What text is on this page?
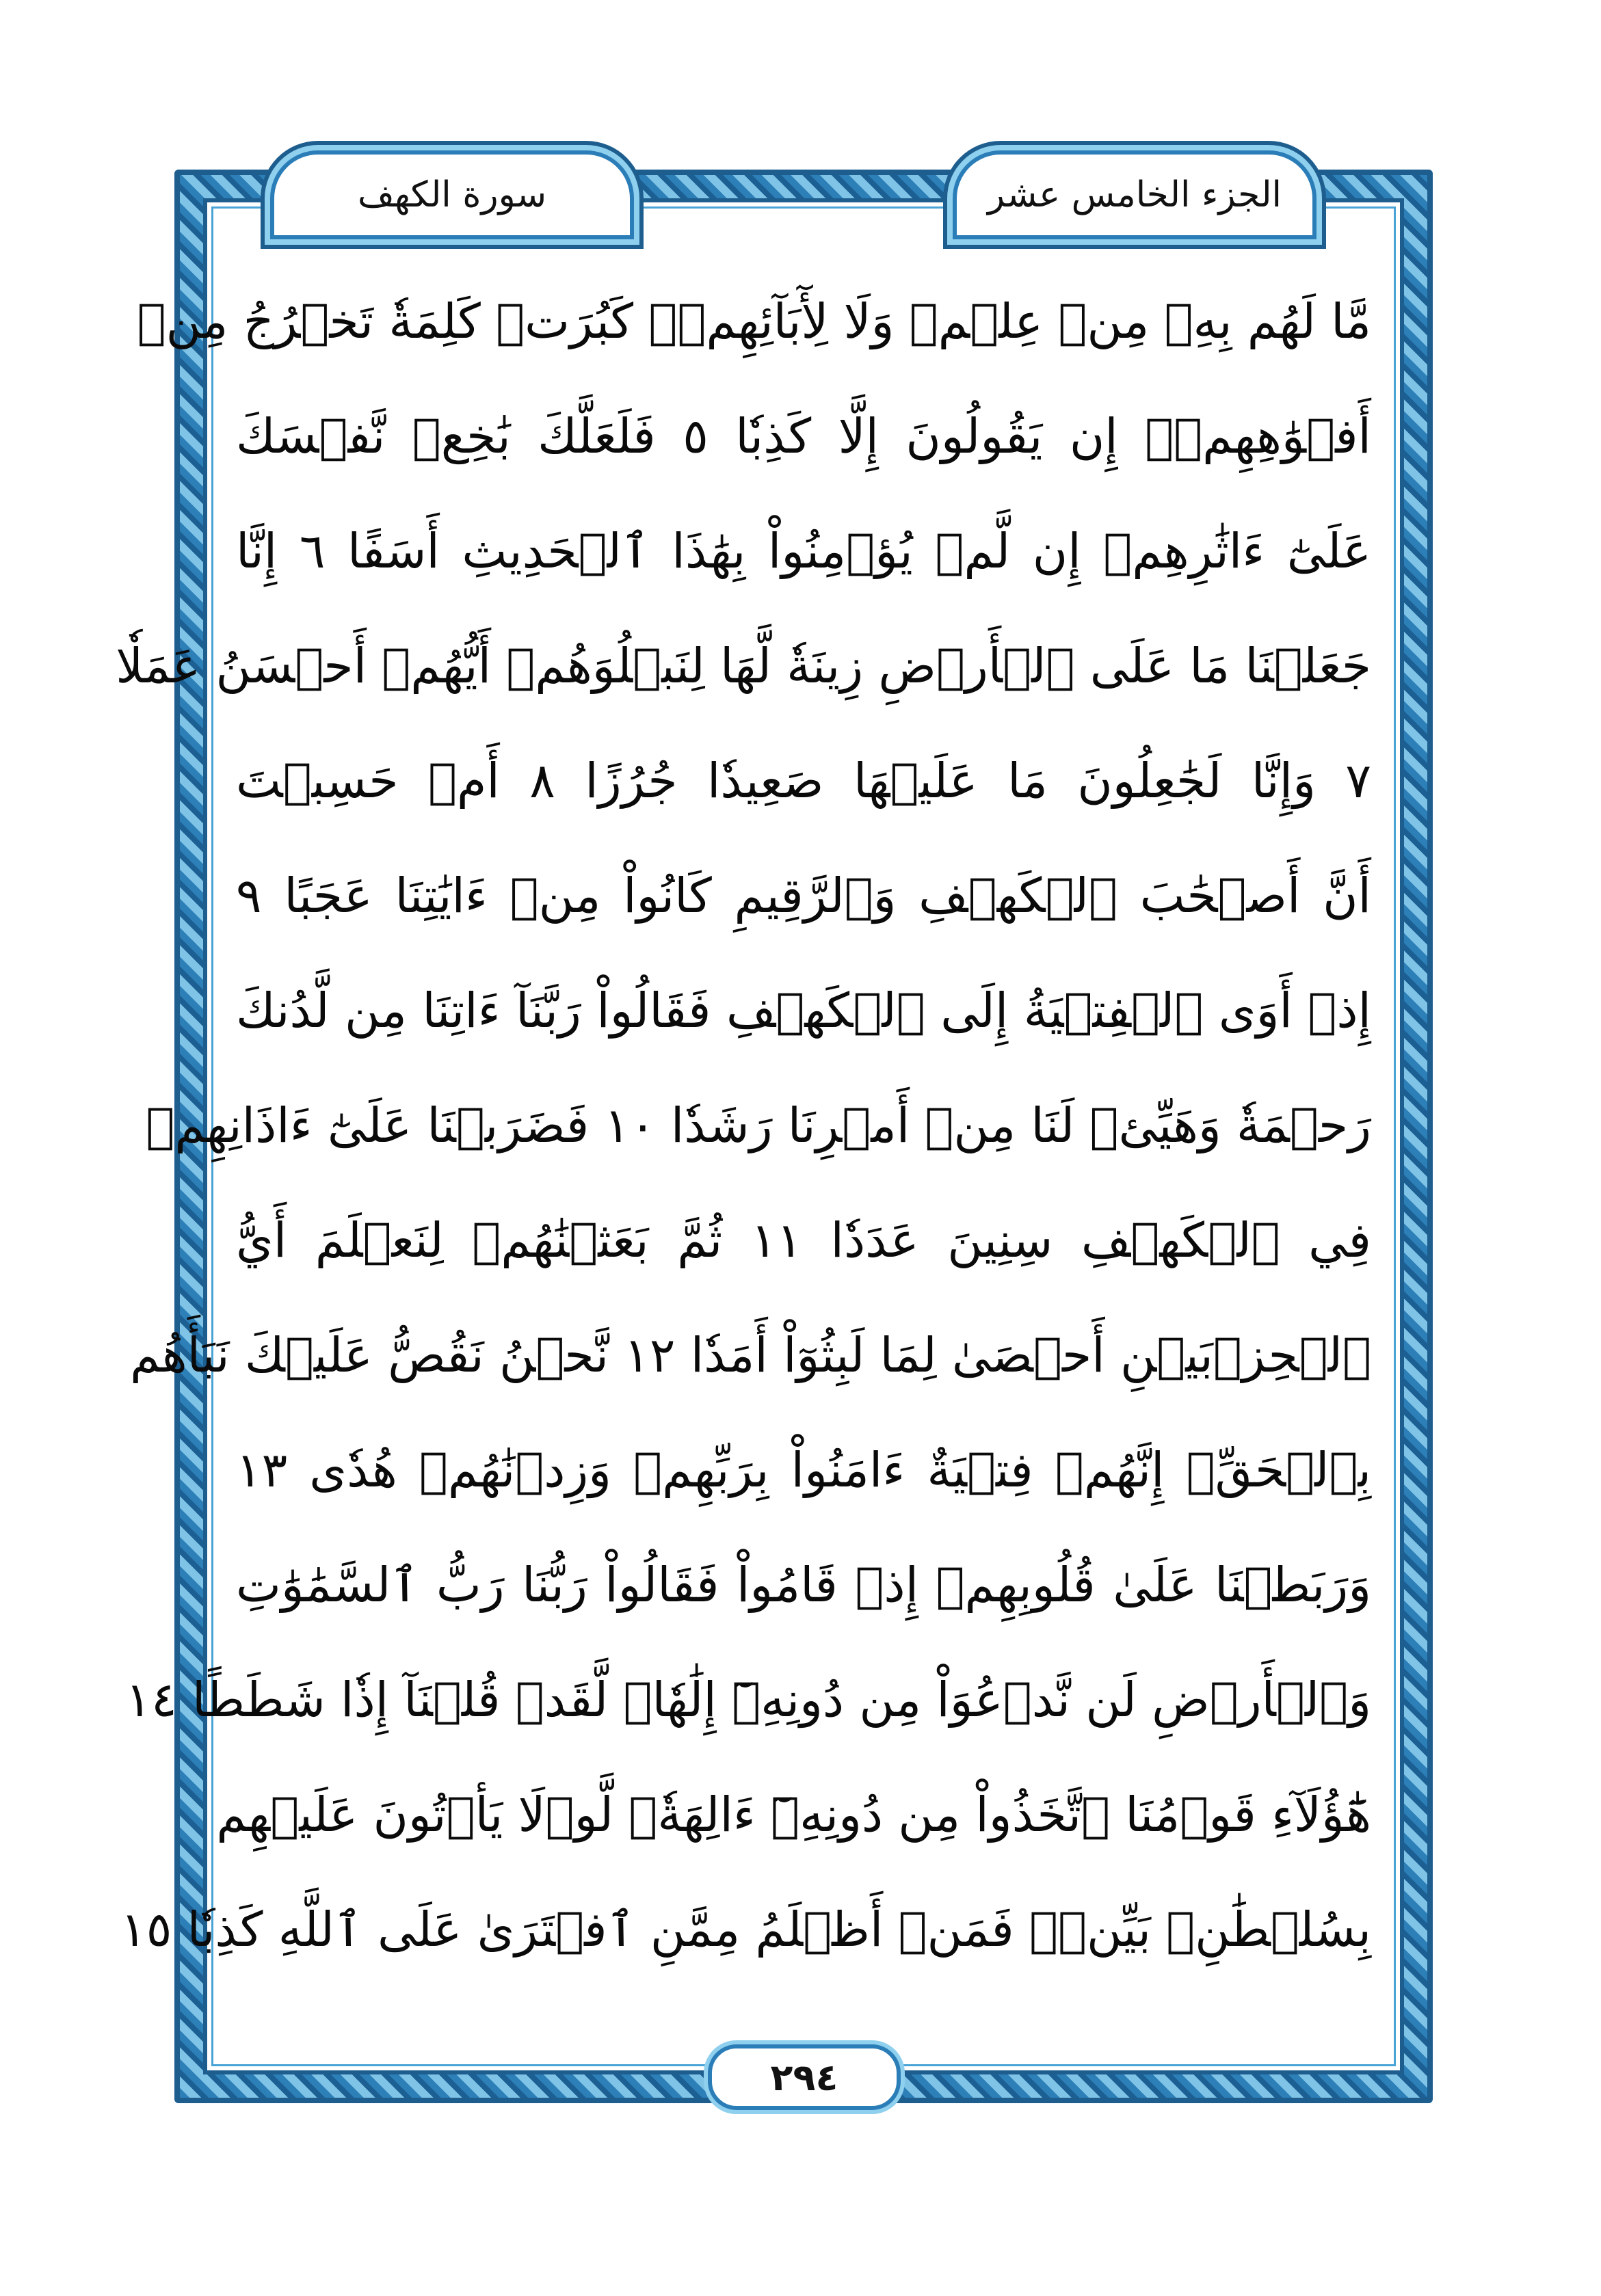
الجزء الخامس عشر
سورة الكهف
مَّا لَهُم بِهِۦ مِنۡ عِلۡمٖ وَلَا لِأٓبَآئِهِمۡۚ كَبُرَتۡ كَلِمَةٗ تَخۡرُجُ مِنۡ
أَفۡوَٰهِهِمۡۚ إِن يَقُولُونَ إِلَّا كَذِبٗا ٥ فَلَعَلَّكَ بَٰخِعٞ نَّفۡسَكَ
عَلَىٰٓ ءَاثَٰرِهِمۡ إِن لَّمۡ يُؤۡمِنُواْ بِهَٰذَا ٱلۡحَدِيثِ أَسَفًا ٦ إِنَّا
جَعَلۡنَا مَا عَلَى ٱلۡأَرۡضِ زِينَةٗ لَّهَا لِنَبۡلُوَهُمۡ أَيُّهُمۡ أَحۡسَنُ عَمَلٗا
٧ وَإِنَّا لَجَٰعِلُونَ مَا عَلَيۡهَا صَعِيدٗا جُرُزًا ٨ أَمۡ حَسِبۡتَ
أَنَّ أَصۡحَٰبَ ٱلۡكَهۡفِ وَٱلرَّقِيمِ كَانُواْ مِنۡ ءَايَٰتِنَا عَجَبًا ٩
إِذۡ أَوَى ٱلۡفِتۡيَةُ إِلَى ٱلۡكَهۡفِ فَقَالُواْ رَبَّنَآ ءَاتِنَا مِن لَّدُنكَ
رَحۡمَةٗ وَهَيِّئۡ لَنَا مِنۡ أَمۡرِنَا رَشَدٗا ١٠ فَضَرَبۡنَا عَلَىٰٓ ءَاذَانِهِمۡ
فِي ٱلۡكَهۡفِ سِنِينَ عَدَدٗا ١١ ثُمَّ بَعَثۡنَٰهُمۡ لِنَعۡلَمَ أَيُّ
ٱلۡحِزۡبَيۡنِ أَحۡصَىٰ لِمَا لَبِثُوٓاْ أَمَدٗا ١٢ نَّحۡنُ نَقُصُّ عَلَيۡكَ نَبَأَهُم
بِٱلۡحَقِّۚ إِنَّهُمۡ فِتۡيَةٌ ءَامَنُواْ بِرَبِّهِمۡ وَزِدۡنَٰهُمۡ هُدٗى ١٣
وَرَبَطۡنَا عَلَىٰ قُلُوبِهِمۡ إِذۡ قَامُواْ فَقَالُواْ رَبُّنَا رَبُّ ٱلسَّمَٰوَٰتِ
وَٱلۡأَرۡضِ لَن نَّدۡعُوَاْ مِن دُونِهِۦٓ إِلَٰهٗاۖ لَّقَدۡ قُلۡنَآ إِذٗا شَطَطًا ١٤
هَٰٓؤُلَآءِ قَوۡمُنَا ٱتَّخَذُواْ مِن دُونِهِۦٓ ءَالِهَةٗۖ لَّوۡلَا يَأۡتُونَ عَلَيۡهِم
بِسُلۡطَٰنِۭ بَيِّنٖۖ فَمَنۡ أَظۡلَمُ مِمَّنِ ٱفۡتَرَىٰ عَلَى ٱللَّهِ كَذِبٗا ١٥
٢٩٤
